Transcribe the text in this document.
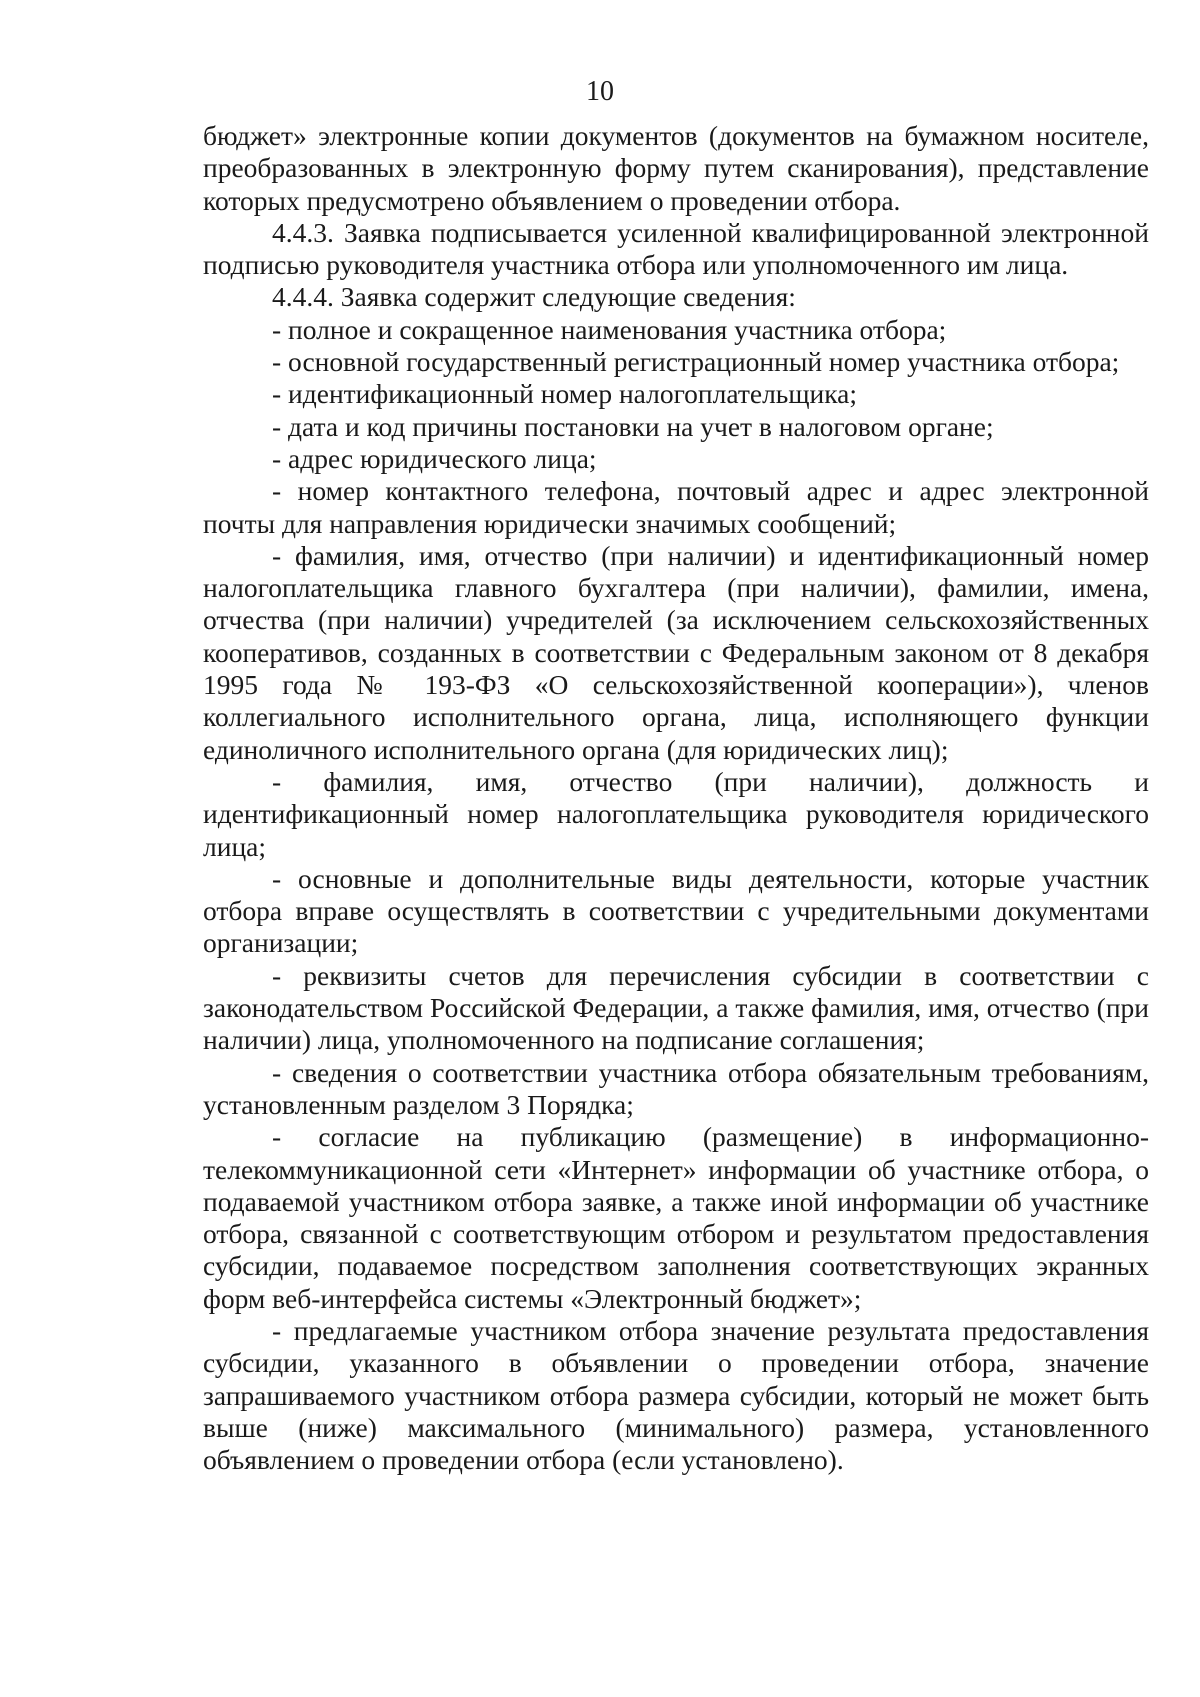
10

бюджет» электронные копии документов (документов на бумажном носителе, преобразованных в электронную форму путем сканирования), представление которых предусмотрено объявлением о проведении отбора.

4.4.3. Заявка подписывается усиленной квалифицированной электронной подписью руководителя участника отбора или уполномоченного им лица.

4.4.4. Заявка содержит следующие сведения:

- полное и сокращенное наименования участника отбора;

- основной государственный регистрационный номер участника отбора;

- идентификационный номер налогоплательщика;

- дата и код причины постановки на учет в налоговом органе;

- адрес юридического лица;

- номер контактного телефона, почтовый адрес и адрес электронной почты для направления юридически значимых сообщений;

- фамилия, имя, отчество (при наличии) и идентификационный номер налогоплательщика главного бухгалтера (при наличии), фамилии, имена, отчества (при наличии) учредителей (за исключением сельскохозяйственных кооперативов, созданных в соответствии с Федеральным законом от 8 декабря 1995 года № 193-ФЗ «О сельскохозяйственной кооперации»), членов коллегиального исполнительного органа, лица, исполняющего функции единоличного исполнительного органа (для юридических лиц);

- фамилия, имя, отчество (при наличии), должность и идентификационный номер налогоплательщика руководителя юридического лица;

- основные и дополнительные виды деятельности, которые участник отбора вправе осуществлять в соответствии с учредительными документами организации;

- реквизиты счетов для перечисления субсидии в соответствии с законодательством Российской Федерации, а также фамилия, имя, отчество (при наличии) лица, уполномоченного на подписание соглашения;

- сведения о соответствии участника отбора обязательным требованиям, установленным разделом 3 Порядка;

- согласие на публикацию (размещение) в информационно-телекоммуникационной сети «Интернет» информации об участнике отбора, о подаваемой участником отбора заявке, а также иной информации об участнике отбора, связанной с соответствующим отбором и результатом предоставления субсидии, подаваемое посредством заполнения соответствующих экранных форм веб-интерфейса системы «Электронный бюджет»;

- предлагаемые участником отбора значение результата предоставления субсидии, указанного в объявлении о проведении отбора, значение запрашиваемого участником отбора размера субсидии, который не может быть выше (ниже) максимального (минимального) размера, установленного объявлением о проведении отбора (если установлено).
